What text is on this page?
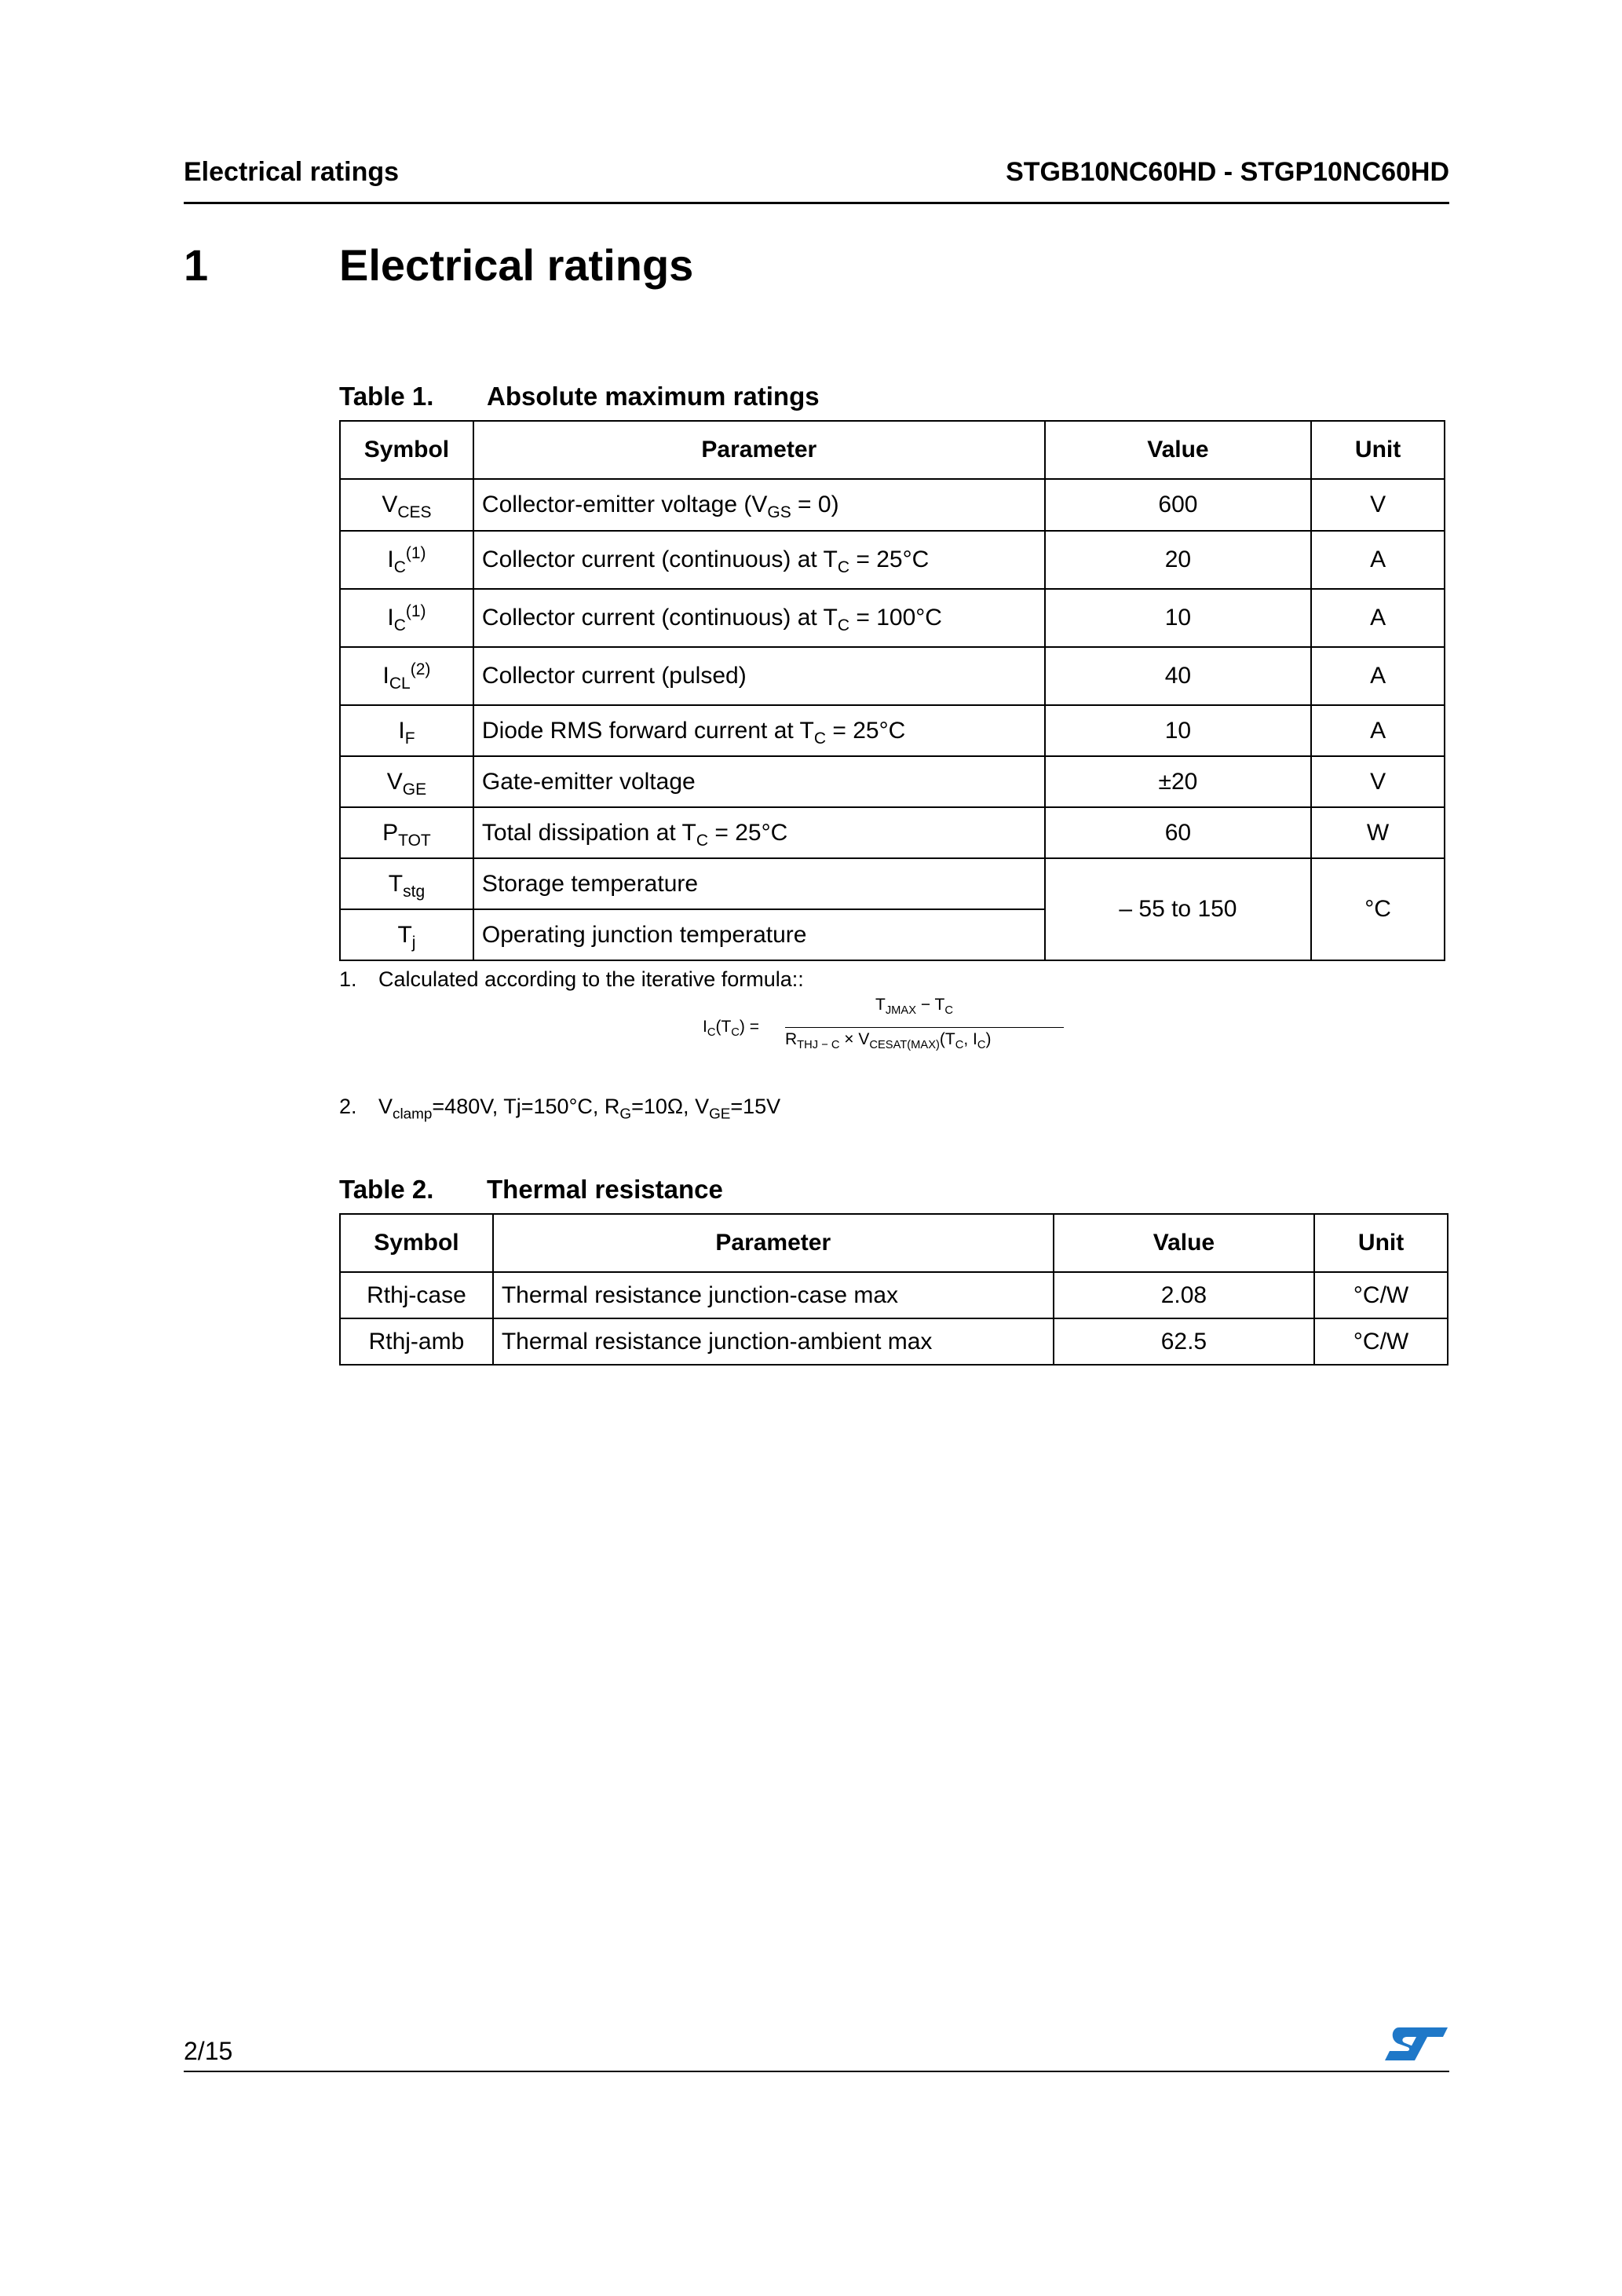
Electrical ratings	STGB10NC60HD - STGP10NC60HD
1	Electrical ratings
Table 1. Absolute maximum ratings
Symbol	Parameter	Value	Unit
$V_{CES}$	Collector-emitter voltage $(V_{GS} = 0)$	600	V
$I_C^{(1)}$	Collector current (continuous) at $T_C = 25^\circ C$	20	A
$I_C^{(1)}$	Collector current (continuous) at $T_C = 100^\circ C$	10	A
$I_{CL}^{(2)}$	Collector current (pulsed)	40	A
$I_F$	Diode RMS forward current at $T_C = 25^\circ C$	10	A
$V_{GE}$	Gate-emitter voltage	±20	V
$P_{TOT}$	Total dissipation at $T_C = 25^\circ C$	60	W
$T_{stg}$	Storage temperature	– 55 to 150	°C
$T_j$	Operating junction temperature		
1. Calculated according to the iterative formula::
$I_C(T_C)$ =
$T_{JMAX} - T_C$
$R_{THJ - C} \times V_{CESAT(MAX)}(T_C$, $I_C$)
2. $V_{clamp}=480V$, Tj=150°C, $R_G=10\Omega$, $V_{GE}=15V$
Table 2. Thermal resistance
Symbol	Parameter	Value	Unit
Rthj-case	Thermal resistance junction-case max	2.08	°C/W
Rthj-amb	Thermal resistance junction-ambient max	62.5	°C/W
2/15
